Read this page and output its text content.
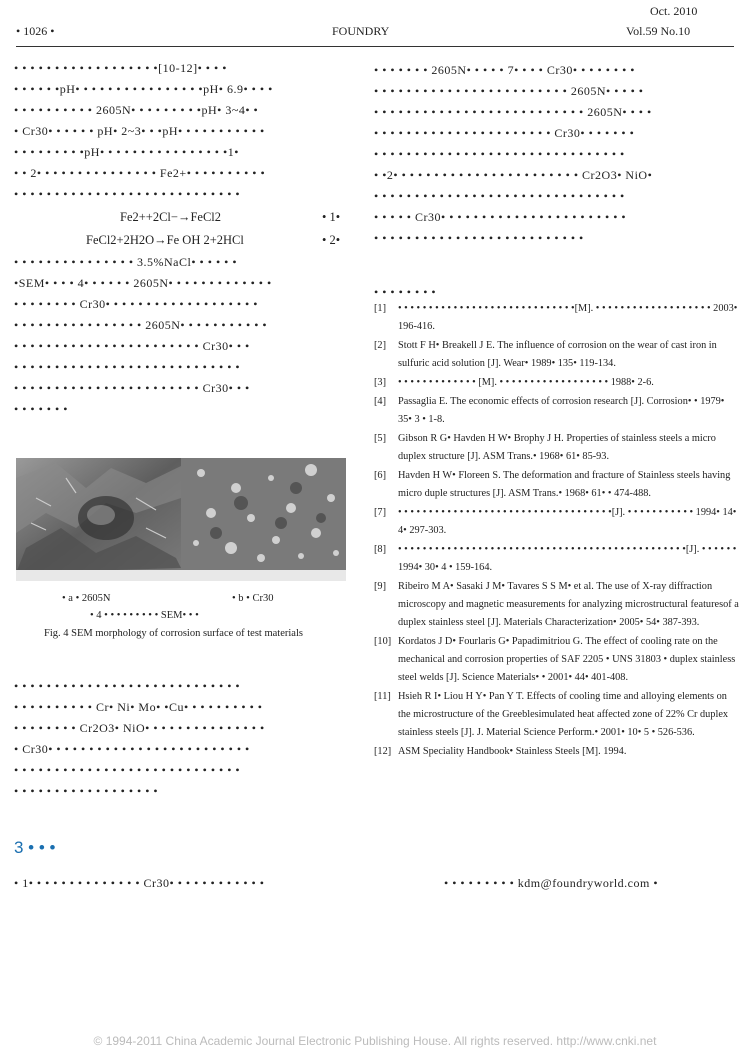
Oct. 2010
• 1026 •	FOUNDRY	Vol.59 No.10
• • • • • • • • • • • • • • • • • •[10-12]• • • •
• • • • • •pH• • • • • • • • • • • • • • • •pH• 6.9• • • •
• • • • • • • • • • 2605N• • • • • • • • •pH• 3~4• •
• Cr30• • • • • • pH• 2~3• • •pH• • • • • • • • • • •
• • • • • • • • •pH• • • • • • • • • • • • • • • •1•
• • 2• • • • • • • • • • • • • • • Fe2+• • • • • • • • • •
• • • • • • • • • • • • • • • • • • • • • • • • • • • •
Fe2++2Cl−→FeCl2	• 1•
FeCl2+2H2O→Fe OH 2+2HCl	• 2•
• • • • • • • • • • • • • • • 3.5%NaCl• • • • • •
•SEM• • • • 4• • • • • • 2605N• • • • • • • • • • • • •
• • • • • • • • Cr30• • • • • • • • • • • • • • • • • • •
• • • • • • • • • • • • • • • • 2605N• • • • • • • • • • •
• • • • • • • • • • • • • • • • • • • • • • • Cr30• • •
• • • • • • • • • • • • • • • • • • • • • • • • • • • •
• • • • • • • • • • • • • • • • • • • • • • • Cr30• • •
• • • • • • •
• a • 2605N	• b • Cr30
• 4 • • • • • • • • • SEM• • •
Fig. 4 SEM morphology of corrosion surface of test materials
• • • • • • • • • • • • • • • • • • • • • • • • • • • •
• • • • • • • • • • Cr• Ni• Mo• •Cu• • • • • • • • • •
• • • • • • • • Cr2O3• NiO• • • • • • • • • • • • • • •
• Cr30• • • • • • • • • • • • • • • • • • • • • • • • •
• • • • • • • • • • • • • • • • • • • • • • • • • • • •
• • • • • • • • • • • • • • • • • •
3 • • •
• 1• • • • • • • • • • • • • • Cr30• • • • • • • • • • • •
• • • • • • • 2605N• • • • • 7• • • • Cr30• • • • • • • •
• • • • • • • • • • • • • • • • • • • • • • • • 2605N• • • • •
• • • • • • • • • • • • • • • • • • • • • • • • • • 2605N• • • •
• • • • • • • • • • • • • • • • • • • • • • Cr30• • • • • • •
• • • • • • • • • • • • • • • • • • • • • • • • • • • • • • •
• •2• • • • • • • • • • • • • • • • • • • • • • • Cr2O3• NiO•
• • • • • • • • • • • • • • • • • • • • • • • • • • • • • • •
• • • • • Cr30• • • • • • • • • • • • • • • • • • • • • • •
• • • • • • • • • • • • • • • • • • • • • • • • • •
• • • • • • • •
[1]	• • • • • • • • • • • • • • • • • • • • • • • • • • • • •[M]. • • • • • • • • • • • • • • • • • • • 2003• 196-416.
[2]	Stott F H• Breakell J E. The influence of corrosion on the wear of cast iron in sulfuric acid solution [J]. Wear• 1989• 135• 119-134.
[3]	• • • • • • • • • • • • • [M]. • • • • • • • • • • • • • • • • • • 1988• 2-6.
[4]	Passaglia E. The economic effects of corrosion research [J]. Corrosion• • 1979• 35• 3 • 1-8.
[5]	Gibson R G• Havden H W• Brophy J H. Properties of stainless steels a micro duplex structure [J]. ASM Trans.• 1968• 61• 85-93.
[6]	Havden H W• Floreen S. The deformation and fracture of Stainless steels having micro duple structures [J]. ASM Trans.• 1968• 61• • 474-488.
[7]	• • • • • • • • • • • • • • • • • • • • • • • • • • • • • • • • • • •[J]. • • • • • • • • • • • 1994• 14• 4• 297-303.
[8]	• • • • • • • • • • • • • • • • • • • • • • • • • • • • • • • • • • • • • • • • • • • • • • •[J]. • • • • • • 1994• 30• 4 • 159-164.
[9]	Ribeiro M A• Sasaki J M• Tavares S S M• et al. The use of X-ray diffraction microscopy and magnetic measurements for analyzing microstructural featuresof a duplex stainless steel [J]. Materials Characterization• 2005• 54• 387-393.
[10] Kordatos J D• Fourlaris G• Papadimitriou G. The effect of cooling rate on the mechanical and corrosion properties of SAF 2205 • UNS 31803 • duplex stainless steel welds [J]. Science Materials• • 2001• 44• 401-408.
[11] Hsieh R I• Liou H Y• Pan Y T. Effects of cooling time and alloying elements on the microstructure of the Greeblesimulated heat affected zone of 22% Cr duplex stainless steels [J]. J. Material Science Perform.• 2001• 10• 5 • 526-536.
[12] ASM Speciality Handbook• Stainless Steels [M]. 1994.
• • • • • • • • • kdm@foundryworld.com •
© 1994-2011 China Academic Journal Electronic Publishing House. All rights reserved. http://www.cnki.net
